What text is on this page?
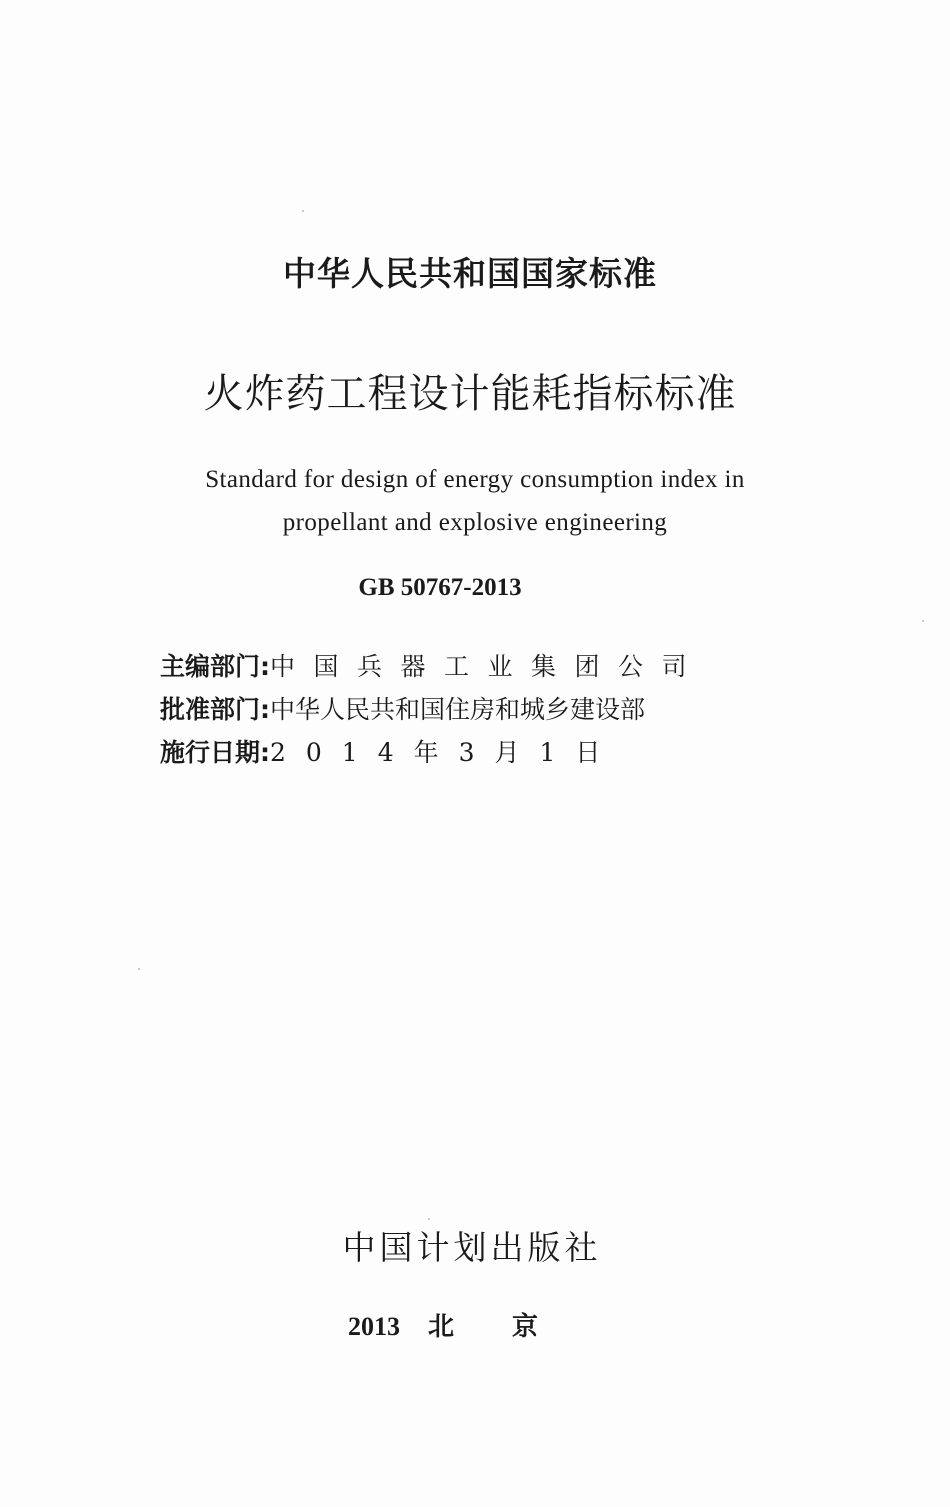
中华人民共和国国家标准
火炸药工程设计能耗指标标准
Standard for design of energy consumption index in
propellant and explosive engineering
GB 50767-2013
主编部门: 中国兵器工业集团公司
批准部门: 中华人民共和国住房和城乡建设部
施行日期: 2014年3月1日
中国计划出版社
2013 北 京
